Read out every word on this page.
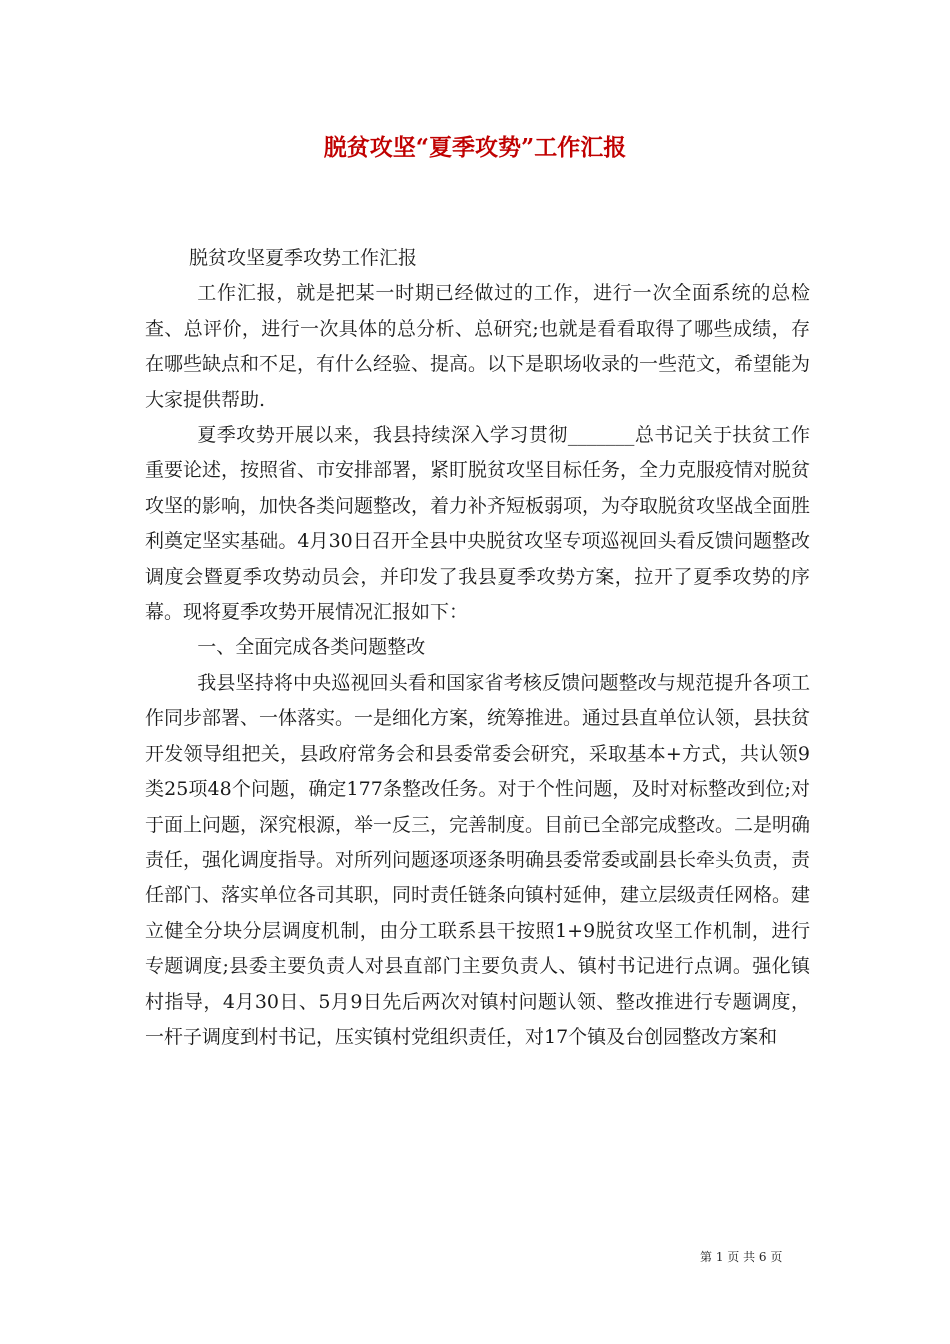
脱贫攻坚“夏季攻势”工作汇报

脱贫攻坚夏季攻势工作汇报

工作汇报，就是把某一时期已经做过的工作，进行一次全面系统的总检查、总评价，进行一次具体的总分析、总研究;也就是看看取得了哪些成绩，存在哪些缺点和不足，有什么经验、提高。以下是职场收录的一些范文，希望能为大家提供帮助.

夏季攻势开展以来，我县持续深入学习贯彻_______总书记关于扶贫工作重要论述，按照省、市安排部署，紧盯脱贫攻坚目标任务，全力克服疫情对脱贫攻坚的影响，加快各类问题整改，着力补齐短板弱项，为夺取脱贫攻坚战全面胜利奠定坚实基础。4月30日召开全县中央脱贫攻坚专项巡视回头看反馈问题整改调度会暨夏季攻势动员会，并印发了我县夏季攻势方案，拉开了夏季攻势的序幕。现将夏季攻势开展情况汇报如下：

一、全面完成各类问题整改

我县坚持将中央巡视回头看和国家省考核反馈问题整改与规范提升各项工作同步部署、一体落实。一是细化方案，统筹推进。通过县直单位认领，县扶贫开发领导组把关，县政府常务会和县委常委会研究，采取基本+方式，共认领9类25项48个问题，确定177条整改任务。对于个性问题，及时对标整改到位;对于面上问题，深究根源，举一反三，完善制度。目前已全部完成整改。二是明确责任，强化调度指导。对所列问题逐项逐条明确县委常委或副县长牵头负责，责任部门、落实单位各司其职，同时责任链条向镇村延伸，建立层级责任网格。建立健全分块分层调度机制，由分工联系县干按照1+9脱贫攻坚工作机制，进行专题调度;县委主要负责人对县直部门主要负责人、镇村书记进行点调。强化镇村指导，4月30日、5月9日先后两次对镇村问题认领、整改推进行专题调度，一杆子调度到村书记，压实镇村党组织责任，对17个镇及台创园整改方案和

第 1 页 共 6 页
